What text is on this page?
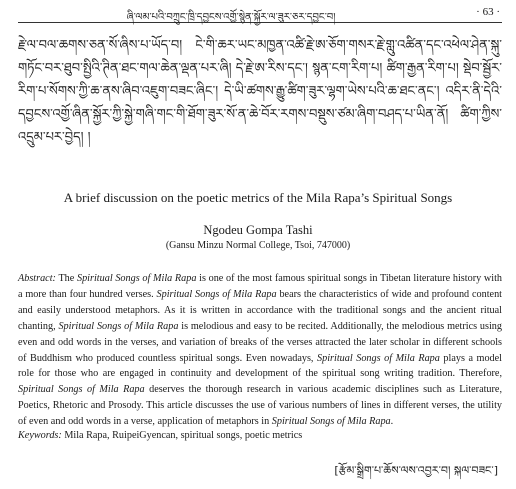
ཞི་ལམ་པའི་བཀྲུང་ཁྲི་དབྱངས་འགྱོ་སྙེན་སྐྱོར་ལ་ཟུར་ཅར་དབྱང་བ།	· 63 ·
རྗེ་ལ་བལ་ཆགས་ཅན་སོ་ཞིས་པ་ཡོད་བ། ངེ་གི་ཆར་ཡང་མཁྱན་འཚི་རྗེ་ཨ་ཅོག་གསར་རྗེ་གླུ་འཚིན་དང་འཕེལ་ཤེན་སྐུ་གཏོང་བར་ཐུབ་སྤྱིའི་ཊིན་ཐང་གལ་ཆེན་ལྡན་པར་ཞི། དེ་རྗེ་ཨ་རིས་དང་། སྙན་ངག་རིག་པ། ཚིག་རྒྱན་རིག་པ། སྡེབ་སྦྱོར་རིག་པ་སོགས་ཀྱི་ཆ་ནས་ཞིབ་འཇུག་བཟང་ཞིང་། དེ་ཡི་ཚགས་རྒྱུ་ཚིག་ཟུར་ལྷག་ཡེས་པའི་ཆ་ཐང་ནང་། འདིར་ནི་དེའི་དབྱངས་འགྱོ་ཞིན་སྐྱོར་ཀྱི་སྐྱེ་གཞི་གང་གི་ཐོག་ཟུར་སོ་ན་ཆེ་བོར་རགས་བསྡུས་ཙམ་ཞིག་བཤད་པ་ཡིན་ནོ། ཚིག་ཀྱིས་འདྲུམ་པར་བྱེད། །
A brief discussion on the poetic metrics of the Mila Rapa’s Spiritual Songs
Ngodeu Gompa Tashi
(Gansu Minzu Normal College, Tsoi, 747000)
Abstract: The Spiritual Songs of Mila Rapa is one of the most famous spiritual songs in Tibetan literature history with a more than four hundred verses. Spiritual Songs of Mila Rapa bears the characteristics of wide and profound content and easily understood metaphors. As it is written in accordance with the traditional songs and the ancient ritual chanting, Spiritual Songs of Mila Rapa is melodious and easy to be recited. Additionally, the melodious metrics using even and odd words in the verses, and variation of breaks of the verses attracted the later scholar in different schools of Buddhism who produced countless spiritual songs. Even nowadays, Spiritual Songs of Mila Rapa plays a model role for those who are engaged in continuity and development of the spiritual song writing tradition. Therefore, Spiritual Songs of Mila Rapa deserves the thorough research in various academic disciplines such as Literature, Poetics, Rhetoric and Prosody. This article discusses the use of various numbers of lines in different verses, the utility of even and odd words in a verse, application of metaphors in Spiritual Songs of Mila Rapa.
Keywords: Mila Rapa, RuipeiGyencan, spiritual songs, poetic metrics
[རྩོམ་སྒྲིག་པ་ཆོས་ལས་འབྱར་བ། སྐལ་བཟང་]
